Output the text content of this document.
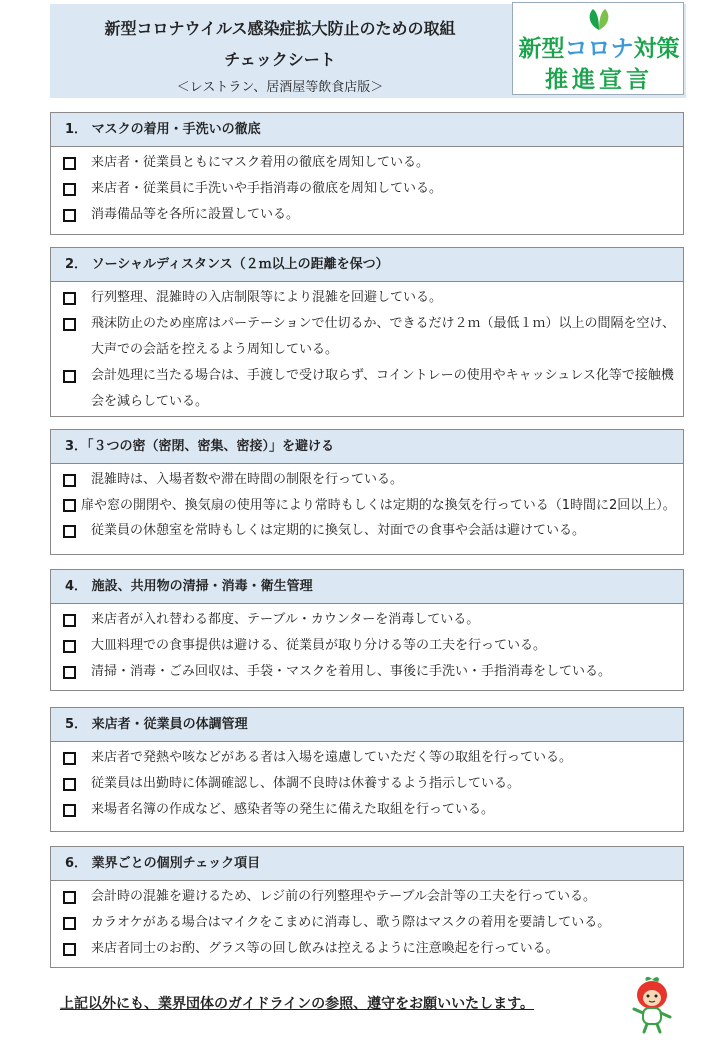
新型コロナウイルス感染症拡大防止のための取組
チェックシート
＜レストラン、居酒屋等飲食店版＞
新型コロナ対策
推進宣言
1． マスクの着用・手洗いの徹底
来店者・従業員ともにマスク着用の徹底を周知している。
来店者・従業員に手洗いや手指消毒の徹底を周知している。
消毒備品等を各所に設置している。
2． ソーシャルディスタンス（２ｍ以上の距離を保つ）
行列整理、混雑時の入店制限等により混雑を回避している。
飛沫防止のため座席はパーテーションで仕切るか、できるだけ２ｍ（最低１ｍ）以上の間隔を空け、大声での会話を控えるよう周知している。
会計処理に当たる場合は、手渡しで受け取らず、コイントレーの使用やキャッシュレス化等で接触機会を減らしている。
3．「３つの密（密閉、密集、密接）」を避ける
混雑時は、入場者数や滞在時間の制限を行っている。
扉や窓の開閉や、換気扇の使用等により常時もしくは定期的な換気を行っている（1時間に2回以上）。
従業員の休憩室を常時もしくは定期的に換気し、対面での食事や会話は避けている。
4． 施設、共用物の清掃・消毒・衛生管理
来店者が入れ替わる都度、テーブル・カウンターを消毒している。
大皿料理での食事提供は避ける、従業員が取り分ける等の工夫を行っている。
清掃・消毒・ごみ回収は、手袋・マスクを着用し、事後に手洗い・手指消毒をしている。
5． 来店者・従業員の体調管理
来店者で発熱や咳などがある者は入場を遠慮していただく等の取組を行っている。
従業員は出勤時に体調確認し、体調不良時は休養するよう指示している。
来場者名簿の作成など、感染者等の発生に備えた取組を行っている。
6． 業界ごとの個別チェック項目
会計時の混雑を避けるため、レジ前の行列整理やテーブル会計等の工夫を行っている。
カラオケがある場合はマイクをこまめに消毒し、歌う際はマスクの着用を要請している。
来店者同士のお酌、グラス等の回し飲みは控えるように注意喚起を行っている。
上記以外にも、業界団体のガイドラインの参照、遵守をお願いいたします。
